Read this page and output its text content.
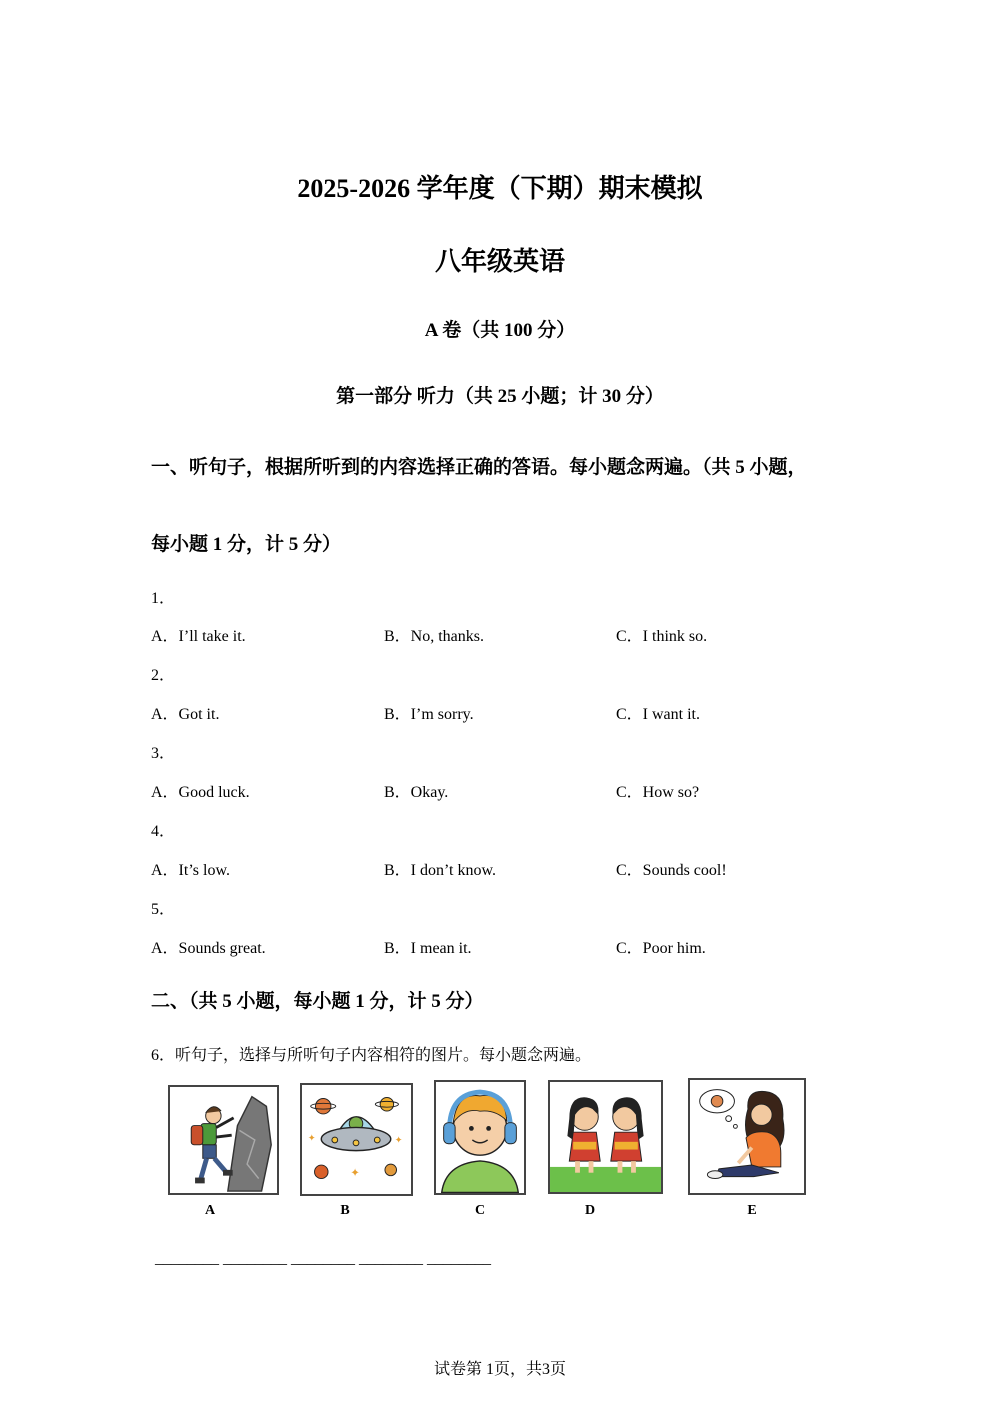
2025-2026 学年度（下期）期末模拟
八年级英语
A 卷（共 100 分）
第一部分 听力（共 25 小题；计 30 分）
一、听句子，根据所听到的内容选择正确的答语。每小题念两遍。（共 5 小题，
每小题 1 分，计 5 分）
1．
A．I’ll take it.	B．No, thanks.	C．I think so.
2．
A．Got it.	B．I’m sorry.	C．I want it.
3．
A．Good luck.	B．Okay.	C．How so?
4．
A．It’s low.	B．I don’t know.	C．Sounds cool!
5．
A．Sounds great.	B．I mean it.	C．Poor him.
二、（共 5 小题，每小题 1 分，计 5 分）
6．听句子，选择与所听句子内容相符的图片。每小题念两遍。
A
✦
✦
✦
B	C	D	E
________ ________ ________ ________ ________
试卷第 1页，共3页
